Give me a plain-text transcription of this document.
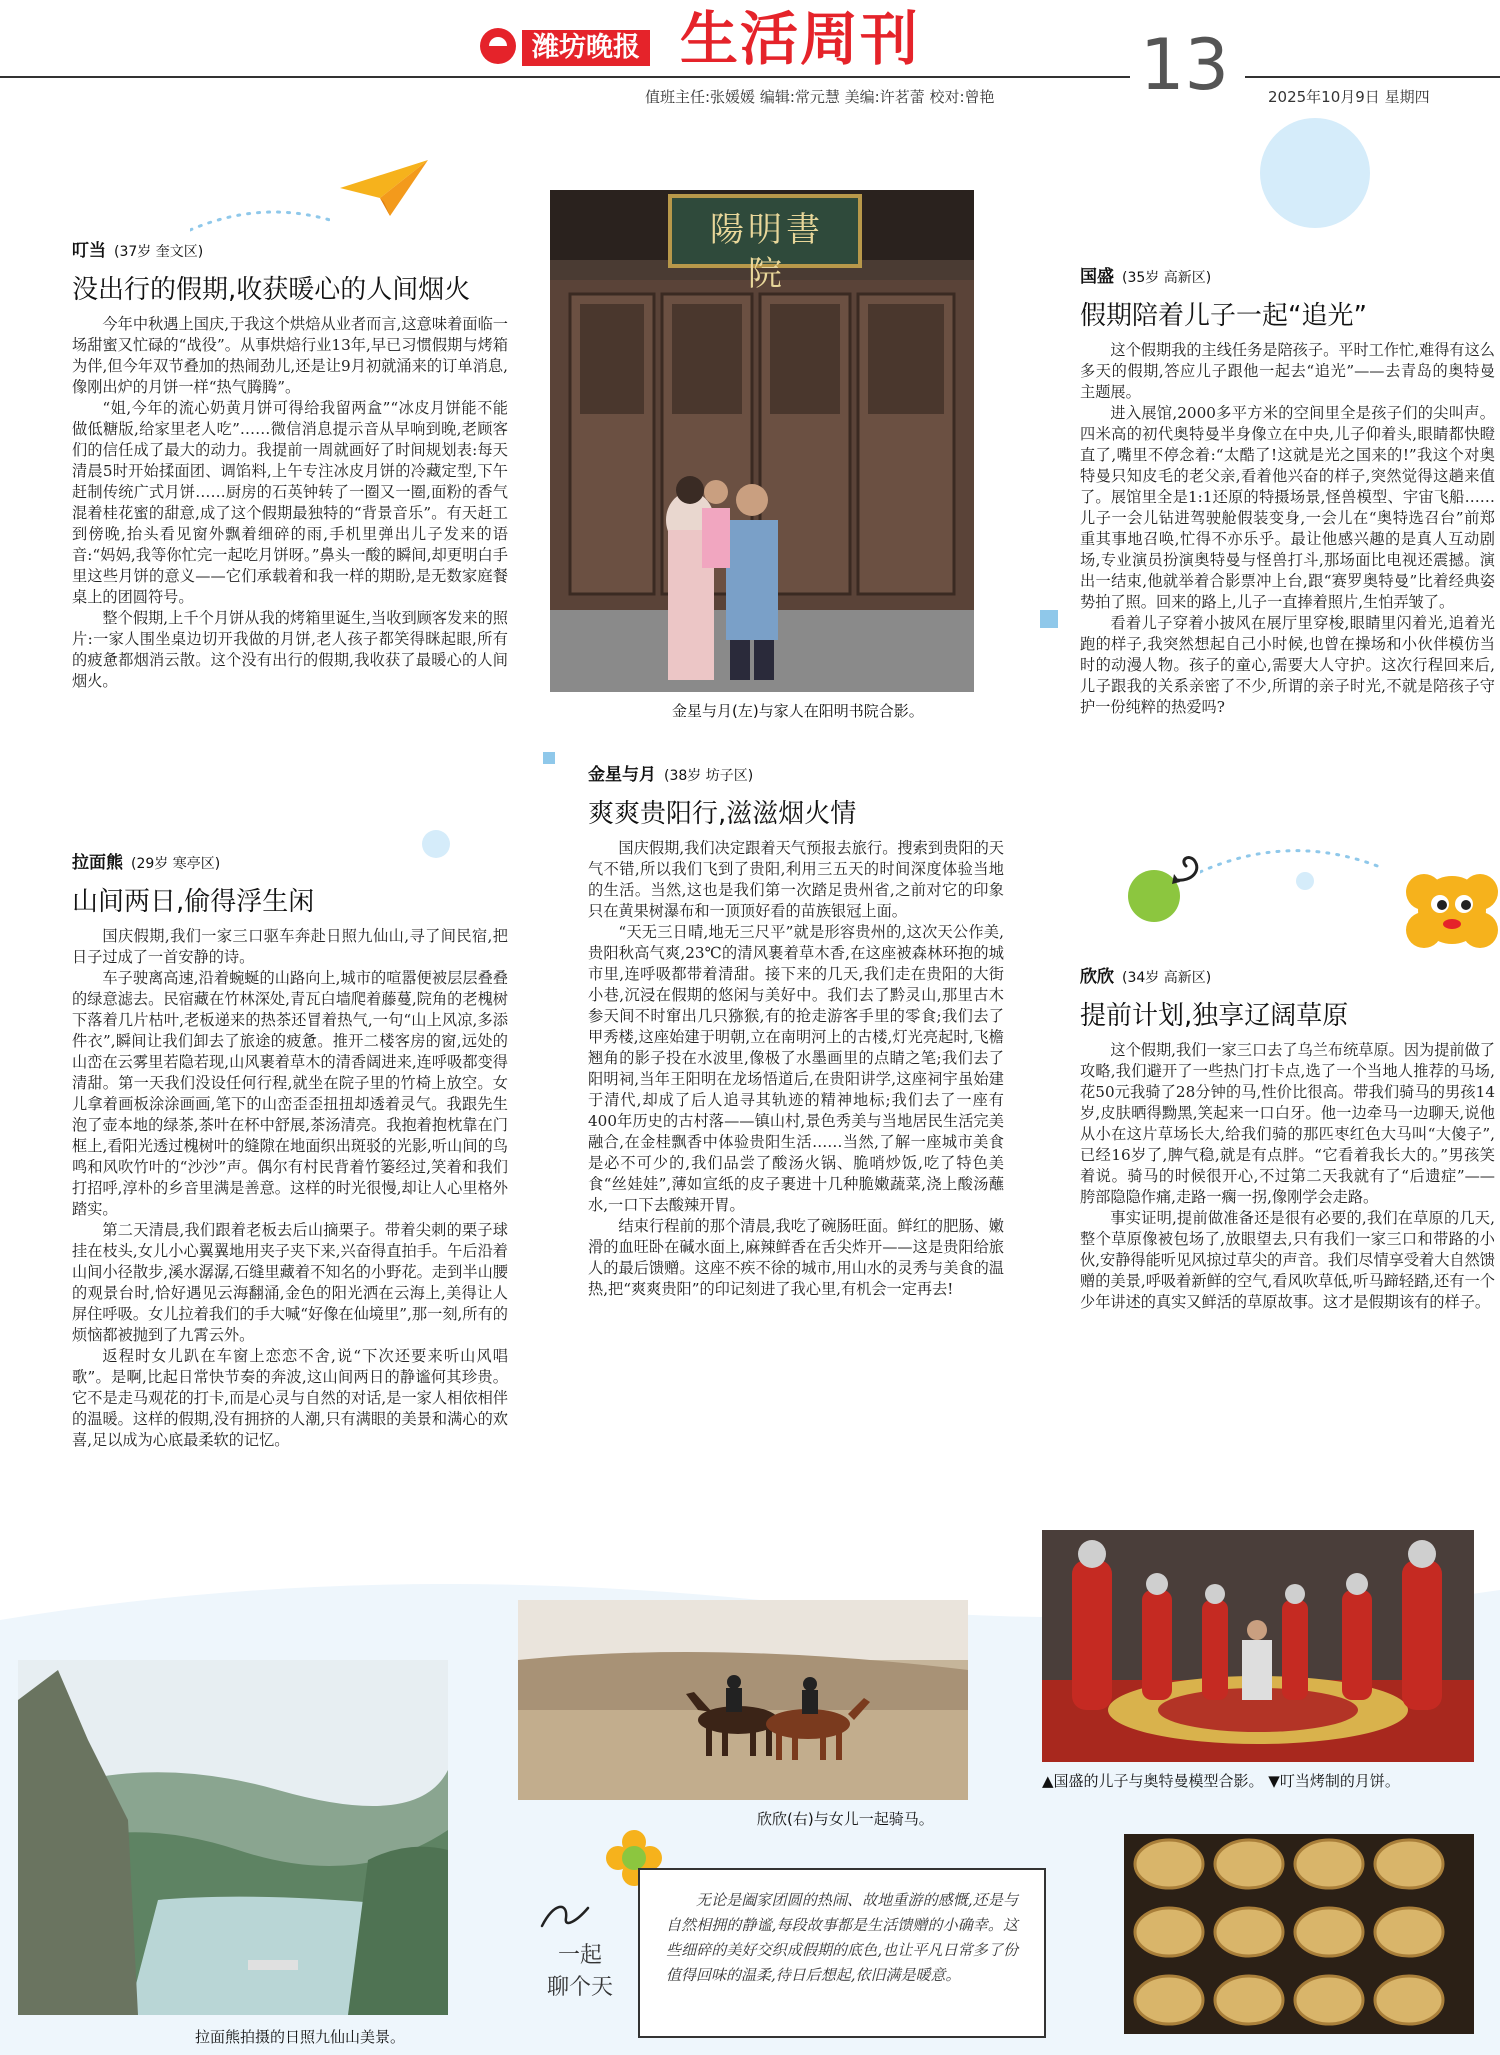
潍坊晚报 生活周刊
值班主任:张媛媛 编辑:常元慧 美编:许茗蕾 校对:曾艳 13	2025年10月9日 星期四
叮当 (37岁 奎文区)
没出行的假期,收获暖心的人间烟火

今年中秋遇上国庆,于我这个烘焙从业者而言,这意味着面临一场甜蜜又忙碌的“战役”。从事烘焙行业13年,早已习惯假期与烤箱为伴,但今年双节叠加的热闹劲儿,还是让9月初就涌来的订单消息,像刚出炉的月饼一样“热气腾腾”。

“姐,今年的流心奶黄月饼可得给我留两盒”“冰皮月饼能不能做低糖版,给家里老人吃”……微信消息提示音从早响到晚,老顾客们的信任成了最大的动力。我提前一周就画好了时间规划表:每天清晨5时开始揉面团、调馅料,上午专注冰皮月饼的冷藏定型,下午赶制传统广式月饼……厨房的石英钟转了一圈又一圈,面粉的香气混着桂花蜜的甜意,成了这个假期最独特的“背景音乐”。有天赶工到傍晚,抬头看见窗外飘着细碎的雨,手机里弹出儿子发来的语音:“妈妈,我等你忙完一起吃月饼呀。”鼻头一酸的瞬间,却更明白手里这些月饼的意义——它们承载着和我一样的期盼,是无数家庭餐桌上的团圆符号。

整个假期,上千个月饼从我的烤箱里诞生,当收到顾客发来的照片:一家人围坐桌边切开我做的月饼,老人孩子都笑得眯起眼,所有的疲惫都烟消云散。这个没有出行的假期,我收获了最暖心的人间烟火。

拉面熊 (29岁 寒亭区)
山间两日,偷得浮生闲

国庆假期,我们一家三口驱车奔赴日照九仙山,寻了间民宿,把日子过成了一首安静的诗。

车子驶离高速,沿着蜿蜒的山路向上,城市的喧嚣便被层层叠叠的绿意滤去。民宿藏在竹林深处,青瓦白墙爬着藤蔓,院角的老槐树下落着几片枯叶,老板递来的热茶还冒着热气,一句“山上风凉,多添件衣”,瞬间让我们卸去了旅途的疲惫。推开二楼客房的窗,远处的山峦在云雾里若隐若现,山风裹着草木的清香阔进来,连呼吸都变得清甜。第一天我们没设任何行程,就坐在院子里的竹椅上放空。女儿拿着画板涂涂画画,笔下的山峦歪歪扭扭却透着灵气。我跟先生泡了壶本地的绿茶,茶叶在杯中舒展,茶汤清亮。我抱着抱枕靠在门框上,看阳光透过槐树叶的缝隙在地面织出斑驳的光影,听山间的鸟鸣和风吹竹叶的“沙沙”声。偶尔有村民背着竹篓经过,笑着和我们打招呼,淳朴的乡音里满是善意。这样的时光很慢,却让人心里格外踏实。

第二天清晨,我们跟着老板去后山摘栗子。带着尖刺的栗子球挂在枝头,女儿小心翼翼地用夹子夹下来,兴奋得直拍手。午后沿着山间小径散步,溪水潺潺,石缝里藏着不知名的小野花。走到半山腰的观景台时,恰好遇见云海翻涌,金色的阳光洒在云海上,美得让人屏住呼吸。女儿拉着我们的手大喊“好像在仙境里”,那一刻,所有的烦恼都被抛到了九霄云外。

返程时女儿趴在车窗上恋恋不舍,说“下次还要来听山风唱歌”。是啊,比起日常快节奏的奔波,这山间两日的静谧何其珍贵。它不是走马观花的打卡,而是心灵与自然的对话,是一家人相依相伴的温暖。这样的假期,没有拥挤的人潮,只有满眼的美景和满心的欢喜,足以成为心底最柔软的记忆。

金星与月 (38岁 坊子区)
爽爽贵阳行,滋滋烟火情

国庆假期,我们决定跟着天气预报去旅行。搜索到贵阳的天气不错,所以我们飞到了贵阳,利用三五天的时间深度体验当地的生活。当然,这也是我们第一次踏足贵州省,之前对它的印象只在黄果树瀑布和一顶顶好看的苗族银冠上面。

“天无三日晴,地无三尺平”就是形容贵州的,这次天公作美,贵阳秋高气爽,23℃的清风裹着草木香,在这座被森林环抱的城市里,连呼吸都带着清甜。接下来的几天,我们走在贵阳的大街小巷,沉浸在假期的悠闲与美好中。我们去了黔灵山,那里古木参天间不时窜出几只猕猴,有的抢走游客手里的零食;我们去了甲秀楼,这座始建于明朝,立在南明河上的古楼,灯光亮起时,飞檐翘角的影子投在水波里,像极了水墨画里的点睛之笔;我们去了阳明祠,当年王阳明在龙场悟道后,在贵阳讲学,这座祠宇虽始建于清代,却成了后人追寻其轨迹的精神地标;我们去了一座有400年历史的古村落——镇山村,景色秀美与当地居民生活完美融合,在金桂飘香中体验贵阳生活……当然,了解一座城市美食是必不可少的,我们品尝了酸汤火锅、脆哨炒饭,吃了特色美食“丝娃娃”,薄如宣纸的皮子裹进十几种脆嫩蔬菜,浇上酸汤蘸水,一口下去酸辣开胃。

结束行程前的那个清晨,我吃了碗肠旺面。鲜红的肥肠、嫩滑的血旺卧在碱水面上,麻辣鲜香在舌尖炸开——这是贵阳给旅人的最后馈赠。这座不疾不徐的城市,用山水的灵秀与美食的温热,把“爽爽贵阳”的印记刻进了我心里,有机会一定再去!

国盛 (35岁 高新区)
假期陪着儿子一起“追光”

这个假期我的主线任务是陪孩子。平时工作忙,难得有这么多天的假期,答应儿子跟他一起去“追光”——去青岛的奥特曼主题展。

进入展馆,2000多平方米的空间里全是孩子们的尖叫声。四米高的初代奥特曼半身像立在中央,儿子仰着头,眼睛都快瞪直了,嘴里不停念着:“太酷了!这就是光之国来的!”我这个对奥特曼只知皮毛的老父亲,看着他兴奋的样子,突然觉得这趟来值了。展馆里全是1:1还原的特摄场景,怪兽模型、宇宙飞船……儿子一会儿钻进驾驶舱假装变身,一会儿在“奥特选召台”前郑重其事地召唤,忙得不亦乐乎。最让他感兴趣的是真人互动剧场,专业演员扮演奥特曼与怪兽打斗,那场面比电视还震撼。演出一结束,他就举着合影票冲上台,跟“赛罗奥特曼”比着经典姿势拍了照。回来的路上,儿子一直捧着照片,生怕弄皱了。

看着儿子穿着小披风在展厅里穿梭,眼睛里闪着光,追着光跑的样子,我突然想起自己小时候,也曾在操场和小伙伴模仿当时的动漫人物。孩子的童心,需要大人守护。这次行程回来后,儿子跟我的关系亲密了不少,所谓的亲子时光,不就是陪孩子守护一份纯粹的热爱吗?

欣欣 (34岁 高新区)
提前计划,独享辽阔草原

这个假期,我们一家三口去了乌兰布统草原。因为提前做了攻略,我们避开了一些热门打卡点,选了一个当地人推荐的马场,花50元我骑了28分钟的马,性价比很高。带我们骑马的男孩14岁,皮肤晒得黝黑,笑起来一口白牙。他一边牵马一边聊天,说他从小在这片草场长大,给我们骑的那匹枣红色大马叫“大傻子”,已经16岁了,脾气稳,就是有点胖。“它看着我长大的。”男孩笑着说。骑马的时候很开心,不过第二天我就有了“后遗症”——胯部隐隐作痛,走路一瘸一拐,像刚学会走路。

事实证明,提前做准备还是很有必要的,我们在草原的几天,整个草原像被包场了,放眼望去,只有我们一家三口和带路的小伙,安静得能听见风掠过草尖的声音。我们尽情享受着大自然馈赠的美景,呼吸着新鲜的空气,看风吹草低,听马蹄轻踏,还有一个少年讲述的真实又鲜活的草原故事。这才是假期该有的样子。

陽明書院
金星与月(左)与家人在阳明书院合影。
拉面熊拍摄的日照九仙山美景。
欣欣(右)与女儿一起骑马。
▲国盛的儿子与奥特曼模型合影。 ▼叮当烤制的月饼。
一起
聊个天

无论是阖家团圆的热闹、故地重游的感慨,还是与自然相拥的静谧,每段故事都是生活馈赠的小确幸。这些细碎的美好交织成假期的底色,也让平凡日常多了份值得回味的温柔,待日后想起,依旧满是暖意。
